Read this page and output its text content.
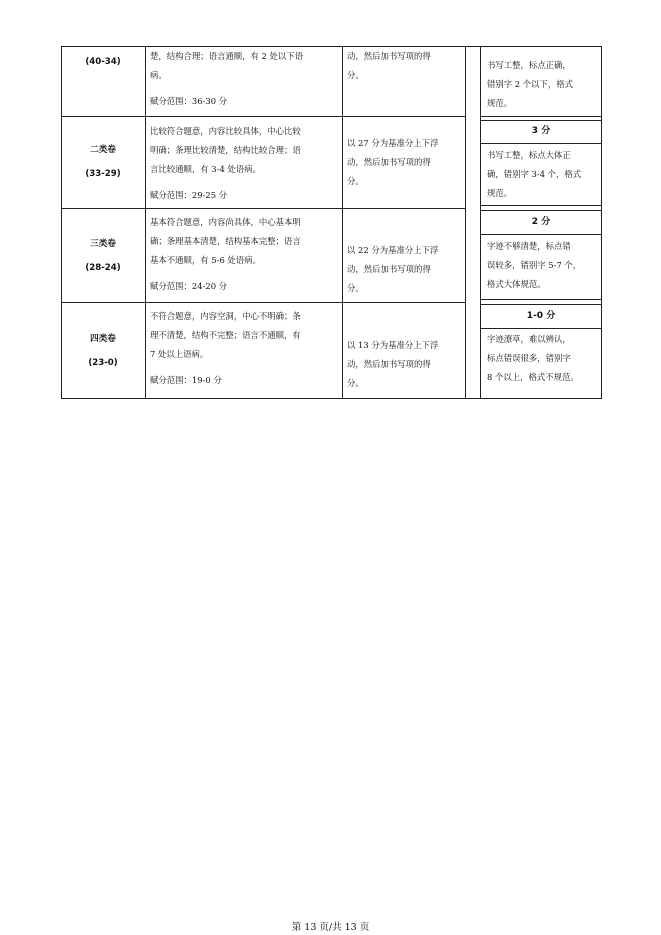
(40-34)
楚，结构合理；语言通顺，有 2 处以下语
病。
赋分范围：36-30 分
动，然后加书写项的得
分。
书写工整，标点正确，
错别字 2 个以下，格式
规范。
二类卷
(33-29)
比较符合题意，内容比较具体，中心比较
明确；条理比较清楚，结构比较合理；语
言比较通顺，有 3-4 处语病。
赋分范围：29-25 分
以 27 分为基准分上下浮
动，然后加书写项的得
分。
3 分
书写工整，标点大体正
确，错别字 3-4 个，格式
规范。
三类卷
(28-24)
基本符合题意，内容尚具体，中心基本明
确；条理基本清楚，结构基本完整；语言
基本不通顺，有 5-6 处语病。
赋分范围：24-20 分
以 22 分为基准分上下浮
动，然后加书写项的得
分。
2 分
字迹不够清楚，标点错
误较多，错别字 5-7 个，
格式大体规范。
四类卷
(23-0)
不符合题意，内容空洞，中心不明确；条
理不清楚，结构不完整；语言不通顺，有
7 处以上语病。
赋分范围：19-0 分
以 13 分为基准分上下浮
动，然后加书写项的得
分。
1-0 分
字迹潦草，难以辨认，
标点错误很多，错别字
8 个以上，格式不规范。
第 13 页/共 13 页
